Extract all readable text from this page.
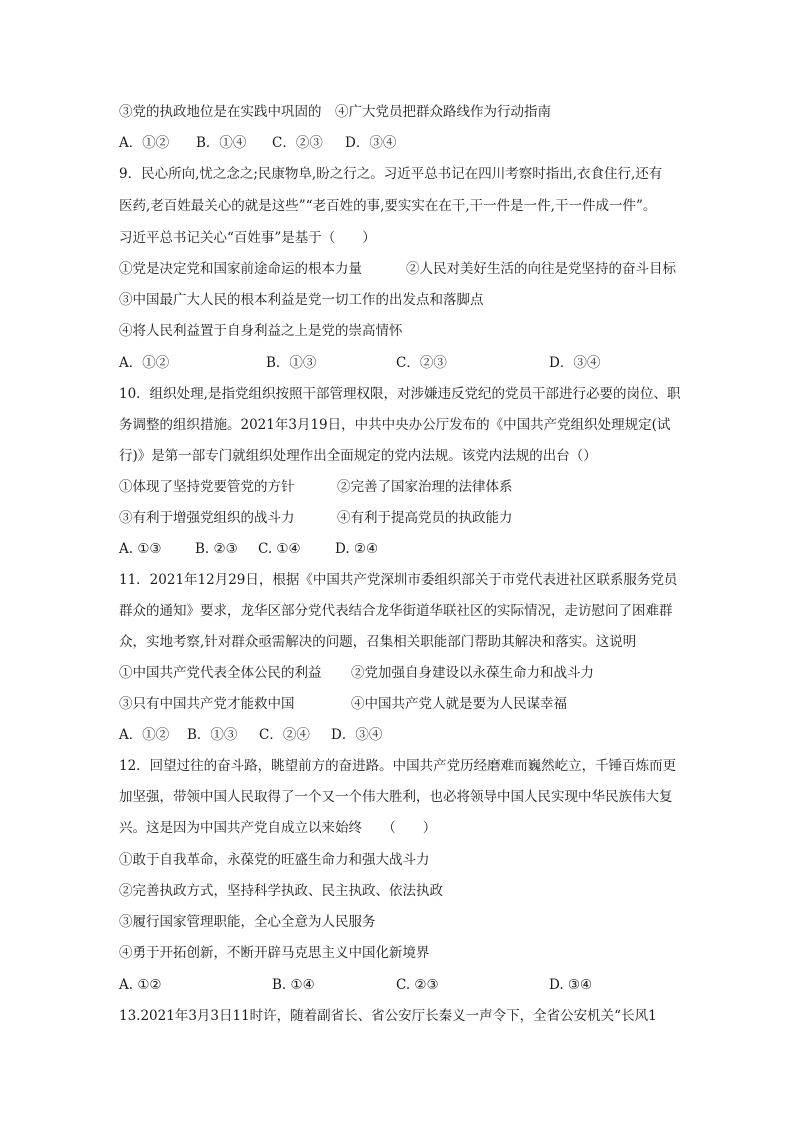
③党的执政地位是在实践中巩固的　④广大党员把群众路线作为行动指南
A．①② B．①④ C．②③ D．③④
9．民心所向,忧之念之;民康物阜,盼之行之。习近平总书记在四川考察时指出,衣食住行,还有
医药,老百姓最关心的就是这些”“老百姓的事,要实实在在干,干一件是一件,干一件成一件”。
习近平总书记关心“百姓事”是基于（　　）
①党是决定党和国家前途命运的根本力量	②人民对美好生活的向往是党坚持的奋斗目标
③中国最广大人民的根本利益是党一切工作的出发点和落脚点
④将人民利益置于自身利益之上是党的崇高情怀
A．①②	B．①③	C．②③	D．③④
10．组织处理,是指党组织按照干部管理权限，对涉嫌违反党纪的党员干部进行必要的岗位、职
务调整的组织措施。2021年3月19日，中共中央办公厅发布的《中国共产党组织处理规定(试
行)》是第一部专门就组织处理作出全面规定的党内法规。该党内法规的出台（）
①体现了坚持党要管党的方针	②完善了国家治理的法律体系
③有利于增强党组织的战斗力	④有利于提高党员的执政能力
A. ①③ B. ②③ C. ①④	D. ②④
11．2021年12月29日，根据《中国共产党深圳市委组织部关于市党代表进社区联系服务党员
群众的通知》要求，龙华区部分党代表结合龙华街道华联社区的实际情况，走访慰问了困难群
众，实地考察,针对群众亟需解决的问题，召集相关职能部门帮助其解决和落实。这说明
①中国共产党代表全体公民的利益 ②党加强自身建设以永葆生命力和战斗力
③只有中国共产党才能救中国	④中国共产党人就是要为人民谋幸福
A．①② B．①③ C．②④ D．③④
12．回望过往的奋斗路，眺望前方的奋进路。中国共产党历经磨难而巍然屹立，千锤百炼而更
加坚强，带领中国人民取得了一个又一个伟大胜利，也必将领导中国人民实现中华民族伟大复
兴。这是因为中国共产党自成立以来始终　　（　　）
①敢于自我革命，永葆党的旺盛生命力和强大战斗力
②完善执政方式，坚持科学执政、民主执政、依法执政
③履行国家管理职能，全心全意为人民服务
④勇于开拓创新，不断开辟马克思主义中国化新境界
A. ①②	B. ①④	C. ②③	D. ③④
13.2021年3月3日11时许，随着副省长、省公安厅长秦义一声令下，全省公安机关“长风1
